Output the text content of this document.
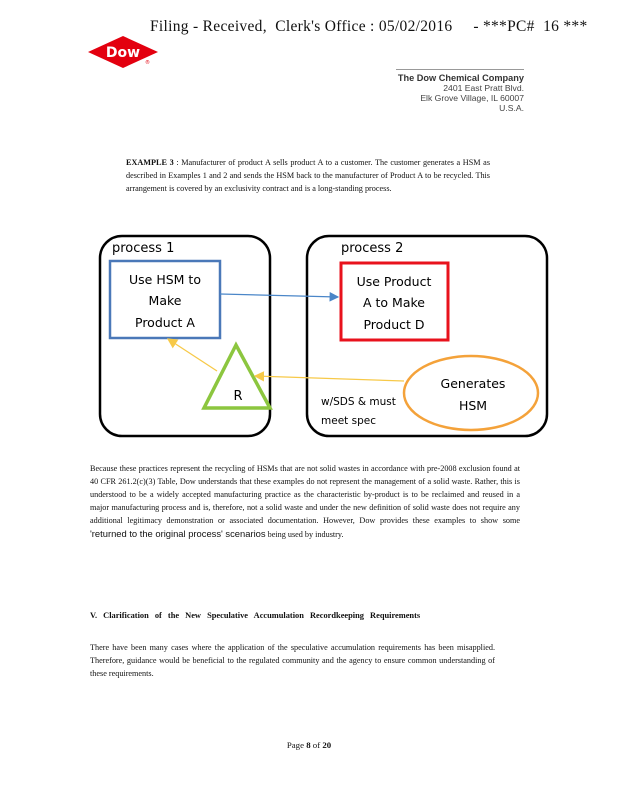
Filing - Received,  Clerk's Office : 05/02/2016     - ***PC#  16 ***
Dow
®
The Dow Chemical Company
2401 East Pratt Blvd.
Elk Grove Village, IL 60007
U.S.A.
EXAMPLE 3 : Manufacturer of product A sells product A to a customer. The customer generates a HSM as described in Examples 1 and 2 and sends the HSM back to the manufacturer of Product A to be recycled. This arrangement is covered by an exclusivity contract and is a long-standing process.
process 1	process 2
Use HSM to
Make
Product A
Use Product
A to Make
Product D
R
Generates
HSM
w/SDS & must
meet spec
Because these practices represent the recycling of HSMs that are not solid wastes in accordance with pre-2008 exclusion found at 40 CFR 261.2(c)(3) Table, Dow understands that these examples do not represent the management of a solid waste. Rather, this is understood to be a widely accepted manufacturing practice as the characteristic by-product is to be reclaimed and reused in a major manufacturing process and is, therefore, not a solid waste and under the new definition of solid waste does not require any additional legitimacy demonstration or associated documentation. However, Dow provides these examples to show some 'returned to the original process' scenarios being used by industry.
V. Clarification of the New Speculative Accumulation Recordkeeping Requirements
There have been many cases where the application of the speculative accumulation requirements has been misapplied. Therefore, guidance would be beneficial to the regulated community and the agency to ensure common understanding of these requirements.
Page 8 of 20
